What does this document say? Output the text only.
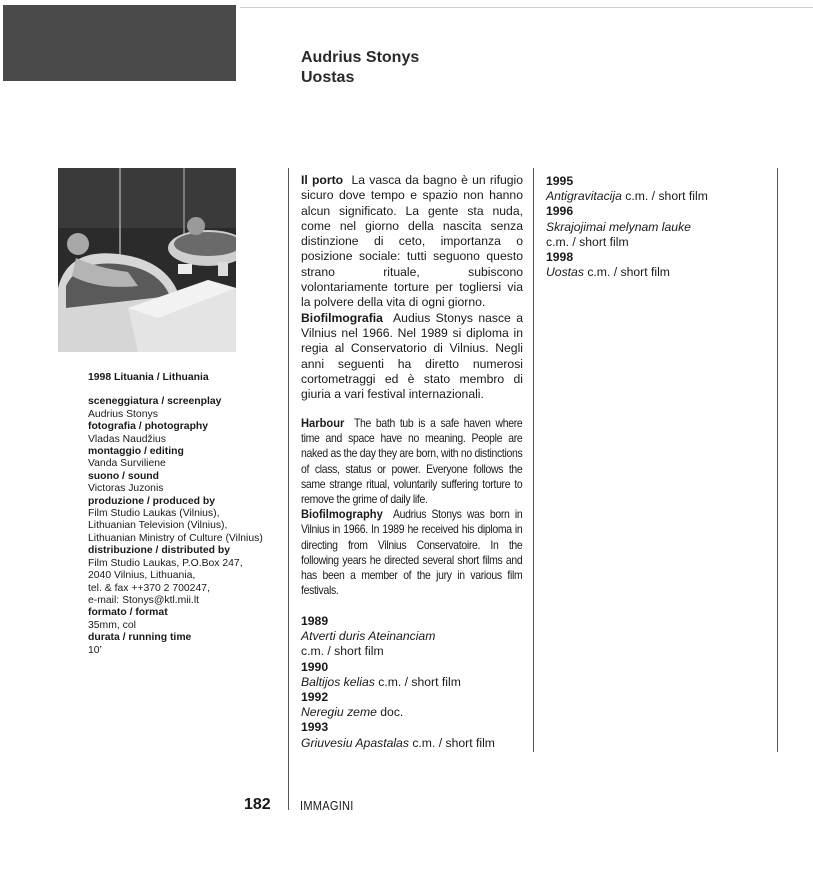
Audrius Stonys
Uostas
1998 Lituania / Lithuania
sceneggiatura / screenplay
Audrius Stonys
fotografia / photography
Vladas Naudžius
montaggio / editing
Vanda Surviliene
suono / sound
Victoras Juzonis
produzione / produced by
Film Studio Laukas (Vilnius),
Lithuanian Television (Vilnius),
Lithuanian Ministry of Culture (Vilnius)
distribuzione / distributed by
Film Studio Laukas, P.O.Box 247,
2040 Vilnius, Lithuania,
tel. & fax ++370 2 700247,
e-mail: Stonys@ktl.mii.lt
formato / format
35mm, col
durata / running time
10’
Il porto La vasca da bagno è un rifugio sicuro dove tempo e spazio non hanno alcun significato. La gente sta nuda, come nel giorno della nascita senza distinzione di ceto, importanza o posizione sociale: tutti seguono questo strano rituale, subiscono volontariamente torture per togliersi via la polvere della vita di ogni giorno.
Biofilmografia Audius Stonys nasce a Vilnius nel 1966. Nel 1989 si diploma in regia al Conservatorio di Vilnius. Negli anni seguenti ha diretto numerosi cortometraggi ed è stato membro di giuria a vari festival internazionali.
Harbour The bath tub is a safe haven where time and space have no meaning. People are naked as the day they are born, with no distinctions of class, status or power. Everyone follows the same strange ritual, voluntarily suffering torture to remove the grime of daily life.
Biofilmography Audrius Stonys was born in Vilnius in 1966. In 1989 he received his diploma in directing from Vilnius Conservatoire. In the following years he directed several short films and has been a member of the jury in various film festivals.
1989
Atverti duris Ateinanciam
c.m. / short film
1990
Baltijos kelias c.m. / short film
1992
Neregiu zeme doc.
1993
Griuvesiu Apastalas c.m. / short film
1995
Antigravitacija c.m. / short film
1996
Skrajojimai melynam lauke
c.m. / short film
1998
Uostas c.m. / short film
182 IMMAGINI
